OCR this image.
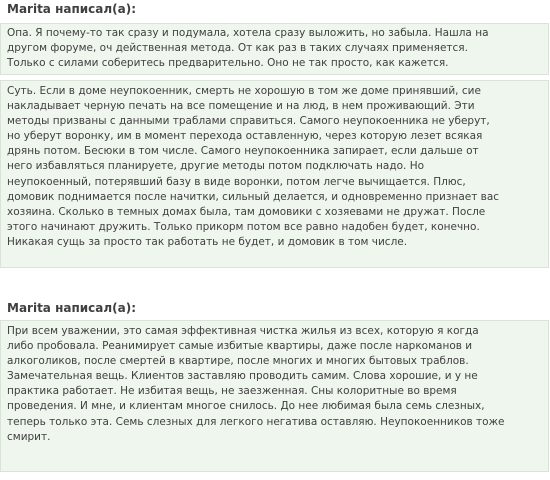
Marita написал(а):

Опа. Я почему-то так сразу и подумала, хотела сразу выложить, но забыла. Нашла на

другом форуме, оч действенная метода. От как раз в таких случаях применяется.

Только с силами соберитесь предварительно. Оно не так просто, как кажется.

Суть. Если в доме неупокоенник, смерть не хорошую в том же доме принявший, сие

накладывает черную печать на все помещение и на люд, в нем проживающий. Эти

методы призваны с данными траблами справиться. Самого неупокоенника не уберут,

но уберут воронку, им в момент перехода оставленную, через которую лезет всякая

дрянь потом. Бесюки в том числе. Самого неупокоенника запирает, если дальше от

него избавляться планируете, другие методы потом подключать надо. Но

неупокоенный, потерявший базу в виде воронки, потом легче вычищается. Плюс,

домовик поднимается после начитки, сильный делается, и одновременно признает вас

хозяина. Сколько в темных домах была, там домовики с хозяевами не дружат. После

этого начинают дружить. Только прикорм потом все равно надобен будет, конечно.

Никакая сущь за просто так работать не будет, и домовик в том числе.

Marita написал(а):

При всем уважении, это самая эффективная чистка жилья из всех, которую я когда

либо пробовала. Реанимирует самые избитые квартиры, даже после наркоманов и

алкоголиков, после смертей в квартире, после многих и многих бытовых траблов.

Замечательная вещь. Клиентов заставляю проводить самим. Слова хорошие, и у не

практика работает. Не избитая вещь, не заезженная. Сны колоритные во время

проведения. И мне, и клиентам многое снилось. До нее любимая была семь слезных,

теперь только эта. Семь слезных для легкого негатива оставляю. Неупокоенников тоже

смирит.
